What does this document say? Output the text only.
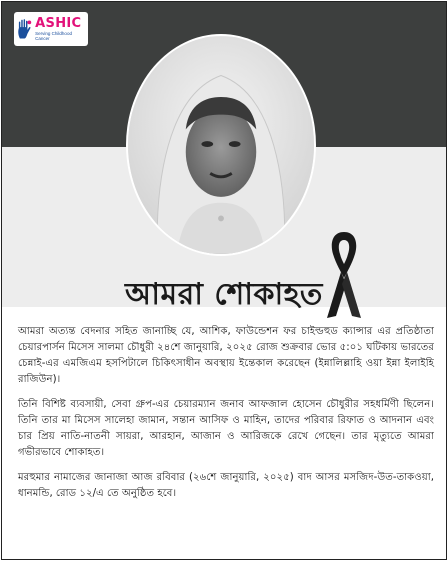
ASHIC
Serving Childhood Cancer
আমরা শোকাহত

আমরা অত্যন্ত বেদনার সহিত জানাচ্ছি যে, আশিক, ফাউন্ডেশন ফর চাইল্ডহুড ক্যান্সার এর প্রতিষ্ঠাতা চেয়ারপার্সন মিসেস সালমা চৌধুরী ২৪শে জানুয়ারি, ২০২৫ রোজ শুক্রবার ভোর ৫:০১ ঘটিকায় ভারতের চেন্নাই-এর এমজিএম হসপিটালে চিকিৎসাধীন অবস্থায় ইন্তেকাল করেছেন (ইন্নালিল্লাহি ওয়া ইন্না ইলাইহি রাজিউন)।

তিনি বিশিষ্ট ব্যবসায়ী, সেবা গ্রুপ-এর চেয়ারম্যান জনাব আফজাল হোসেন চৌধুরীর সহধর্মিণী ছিলেন। তিনি তার মা মিসেস সালেহা জামান, সন্তান আসিফ ও মাহিন, তাদের পরিবার রিফাত ও আদনান এবং চার প্রিয় নাতি-নাতনী সায়রা, আরহান, আজান ও আরিজকে রেখে গেছেন। তার মৃত্যুতে আমরা গভীরভাবে শোকাহত।

মরহুমার নামাজের জানাজা আজ রবিবার (২৬শে জানুয়ারি, ২০২৫) বাদ আসর মসজিদ-উত-তাকওয়া, ধানমন্ডি, রোড ১২/এ তে অনুষ্ঠিত হবে।
